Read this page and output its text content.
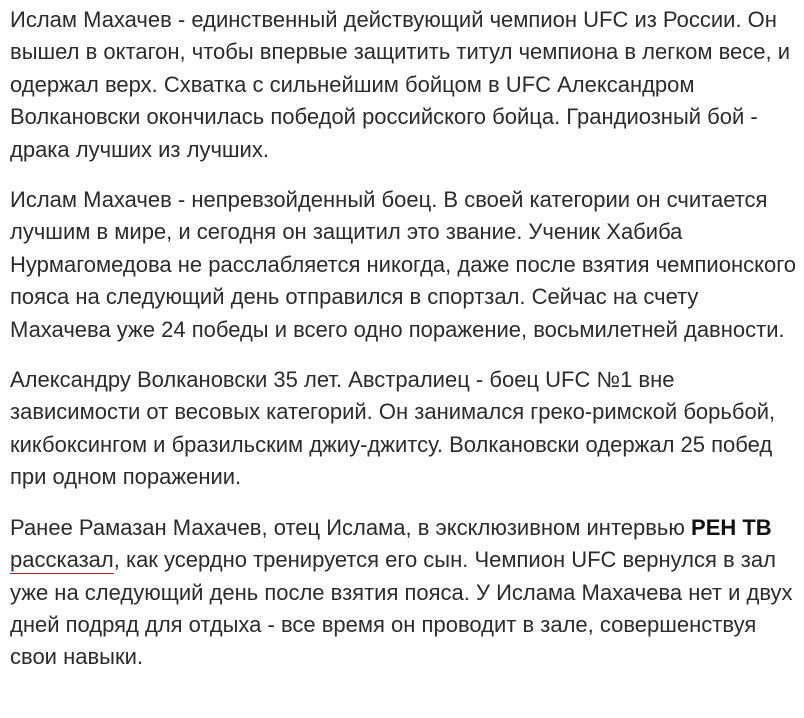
Ислам Махачев - единственный действующий чемпион UFC из России. Он вышел в октагон, чтобы впервые защитить титул чемпиона в легком весе, и одержал верх. Схватка с сильнейшим бойцом в UFC Александром Волкановски окончилась победой российского бойца. Грандиозный бой - драка лучших из лучших.

Ислам Махачев - непревзойденный боец. В своей категории он считается лучшим в мире, и сегодня он защитил это звание. Ученик Хабиба Нурмагомедова не расслабляется никогда, даже после взятия чемпионского пояса на следующий день отправился в спортзал. Сейчас на счету Махачева уже 24 победы и всего одно поражение, восьмилетней давности.

Александру Волкановски 35 лет. Австралиец - боец UFC №1 вне зависимости от весовых категорий. Он занимался греко-римской борьбой, кикбоксингом и бразильским джиу-джитсу. Волкановски одержал 25 побед при одном поражении.

Ранее Рамазан Махачев, отец Ислама, в эксклюзивном интервью РЕН ТВ рассказал, как усердно тренируется его сын. Чемпион UFC вернулся в зал уже на следующий день после взятия пояса. У Ислама Махачева нет и двух дней подряд для отдыха - все время он проводит в зале, совершенствуя свои навыки.
